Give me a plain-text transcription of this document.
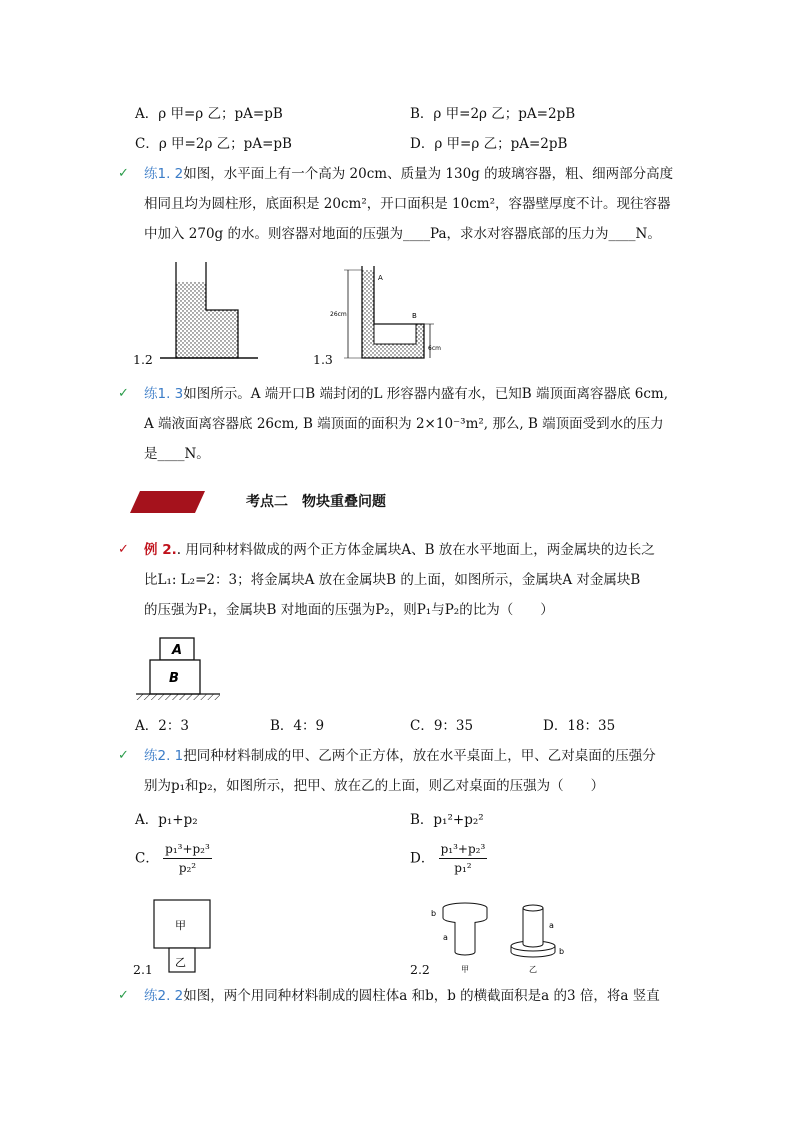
A．ρ 甲=ρ 乙；pA=pB	B．ρ 甲=2ρ 乙；pA=2pB
C．ρ 甲=2ρ 乙；pA=pB	D．ρ 甲=ρ 乙；pA=2pB
✓ 练1. 2如图，水平面上有一个高为 20cm、质量为 130g 的玻璃容器，粗、细两部分高度
相同且均为圆柱形，底面积是 20cm²，开口面积是 10cm²，容器壁厚度不计。现往容器
中加入 270g 的水。则容器对地面的压强为____Pa，求水对容器底部的压力为____N。
1.2
A
B
26cm
6cm
1.3
✓ 练1. 3如图所示。A 端开口B 端封闭的L 形容器内盛有水，已知B 端顶面离容器底 6cm,
A 端液面离容器底 26cm, B 端顶面的面积为 2×10⁻³m², 那么, B 端顶面受到水的压力
是____N。
考点二　物块重叠问题
✓ 例 2.. 用同种材料做成的两个正方体金属块A、B 放在水平地面上，两金属块的边长之
比L₁: L₂=2：3；将金属块A 放在金属块B 的上面，如图所示，金属块A 对金属块B
的压强为P₁，金属块B 对地面的压强为P₂，则P₁与P₂的比为（　　）
A
B
A．2：3	B．4：9	C．9：35	D．18：35
✓ 练2. 1把同种材料制成的甲、乙两个正方体，放在水平桌面上，甲、乙对桌面的压强分
别为p₁和p₂，如图所示，把甲、放在乙的上面，则乙对桌面的压强为（　　）
A．p₁+p₂	B．p₁²+p₂²
C． $\frac{\text{p₁³+p₂³}}{\text{p₂²}}$	D． $\frac{\text{p₁³+p₂³}}{\text{p₁²}}$
甲
乙
2.1
b
a
甲
a
b
乙
2.2
✓ 练2. 2如图，两个用同种材料制成的圆柱体a 和b，b 的横截面积是a 的3 倍，将a 竖直
